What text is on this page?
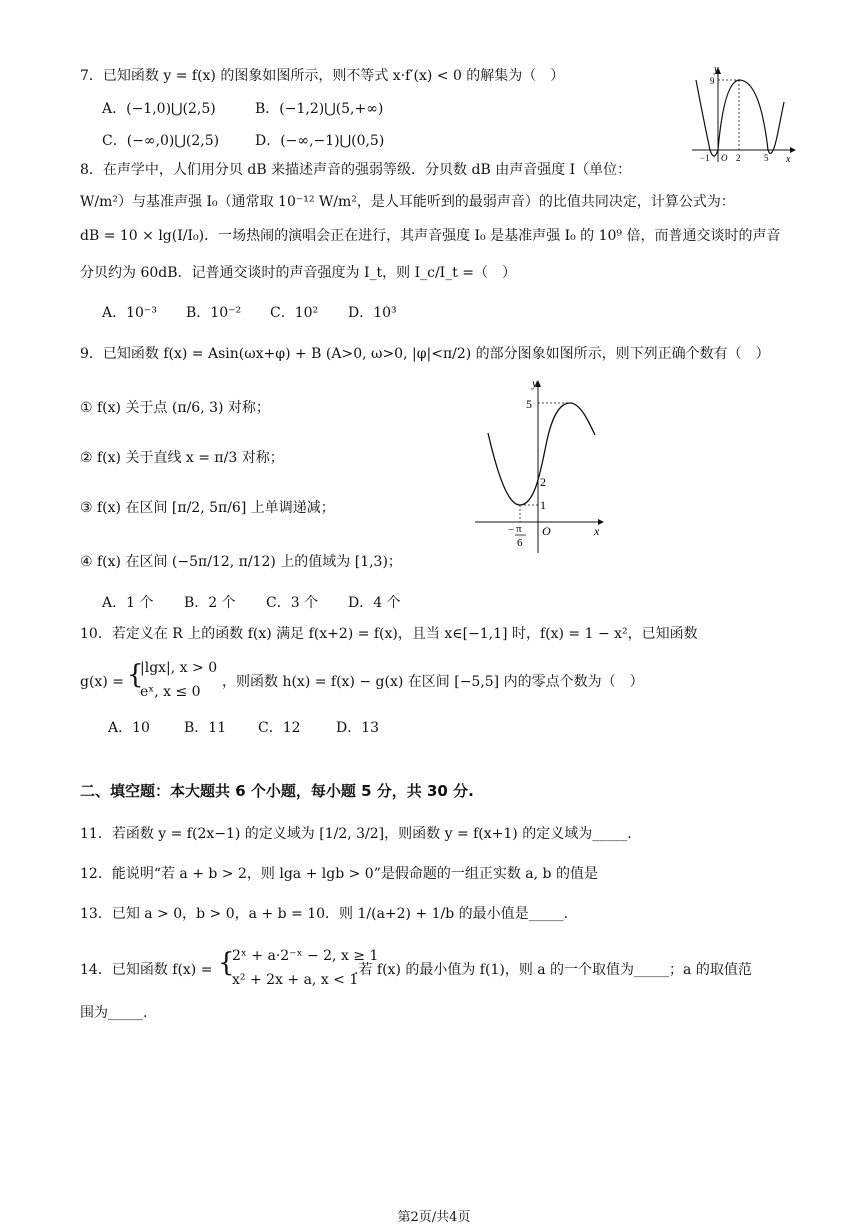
7．已知函数 y = f(x) 的图象如图所示，则不等式 x·f′(x) < 0 的解集为（　）
A．(−1,0)⋃(2,5)	B．(−1,2)⋃(5,+∞)
C．(−∞,0)⋃(2,5)	D．(−∞,−1)⋃(0,5)
y
x
9
−1 O 2	5
8．在声学中，人们用分贝 dB 来描述声音的强弱等级．分贝数 dB 由声音强度 I（单位：
W/m²）与基准声强 I₀（通常取 10⁻¹² W/m²，是人耳能听到的最弱声音）的比值共同决定，计算公式为：
dB = 10 × lg(I/I₀)．一场热闹的演唱会正在进行，其声音强度 I₀ 是基准声强 I₀ 的 10⁹ 倍，而普通交谈时的声音
分贝约为 60dB．记普通交谈时的声音强度为 I_t，则 I_c/I_t =（　）
A．10⁻³ B．10⁻² C．10² D．10³
9．已知函数 f(x) = Asin(ωx+φ) + B (A>0, ω>0, |φ|<π/2) 的部分图象如图所示，则下列正确个数有（　）
① f(x) 关于点 (π/6, 3) 对称；
② f(x) 关于直线 x = π/3 对称；
③ f(x) 在区间 [π/2, 5π/6] 上单调递减；
④ f(x) 在区间 (−5π/12, π/12) 上的值域为 [1,3)；
A．1 个 B．2 个 C．3 个 D．4 个
y
x
5
2
1
O
− π
6
10．若定义在 R 上的函数 f(x) 满足 f(x+2) = f(x)，且当 x∈[−1,1] 时，f(x) = 1 − x²，已知函数
g(x) = {
|lgx|, x > 0
eˣ, x ≤ 0
，则函数 h(x) = f(x) − g(x) 在区间 [−5,5] 内的零点个数为（　）
A．10 B．11 C．12	D．13
二、填空题：本大题共 6 个小题，每小题 5 分，共 30 分.
11．若函数 y = f(2x−1) 的定义域为 [1/2, 3/2]，则函数 y = f(x+1) 的定义域为_____.
12．能说明“若 a + b > 2，则 lga + lgb > 0”是假命题的一组正实数 a, b 的值是
13．已知 a > 0，b > 0，a + b = 10．则 1/(a+2) + 1/b 的最小值是_____.
14．已知函数 f(x) = {
2ˣ + a·2⁻ˣ − 2, x ≥ 1
x² + 2x + a, x < 1
.若 f(x) 的最小值为 f(1)，则 a 的一个取值为_____；a 的取值范
围为_____.
第2页/共4页
